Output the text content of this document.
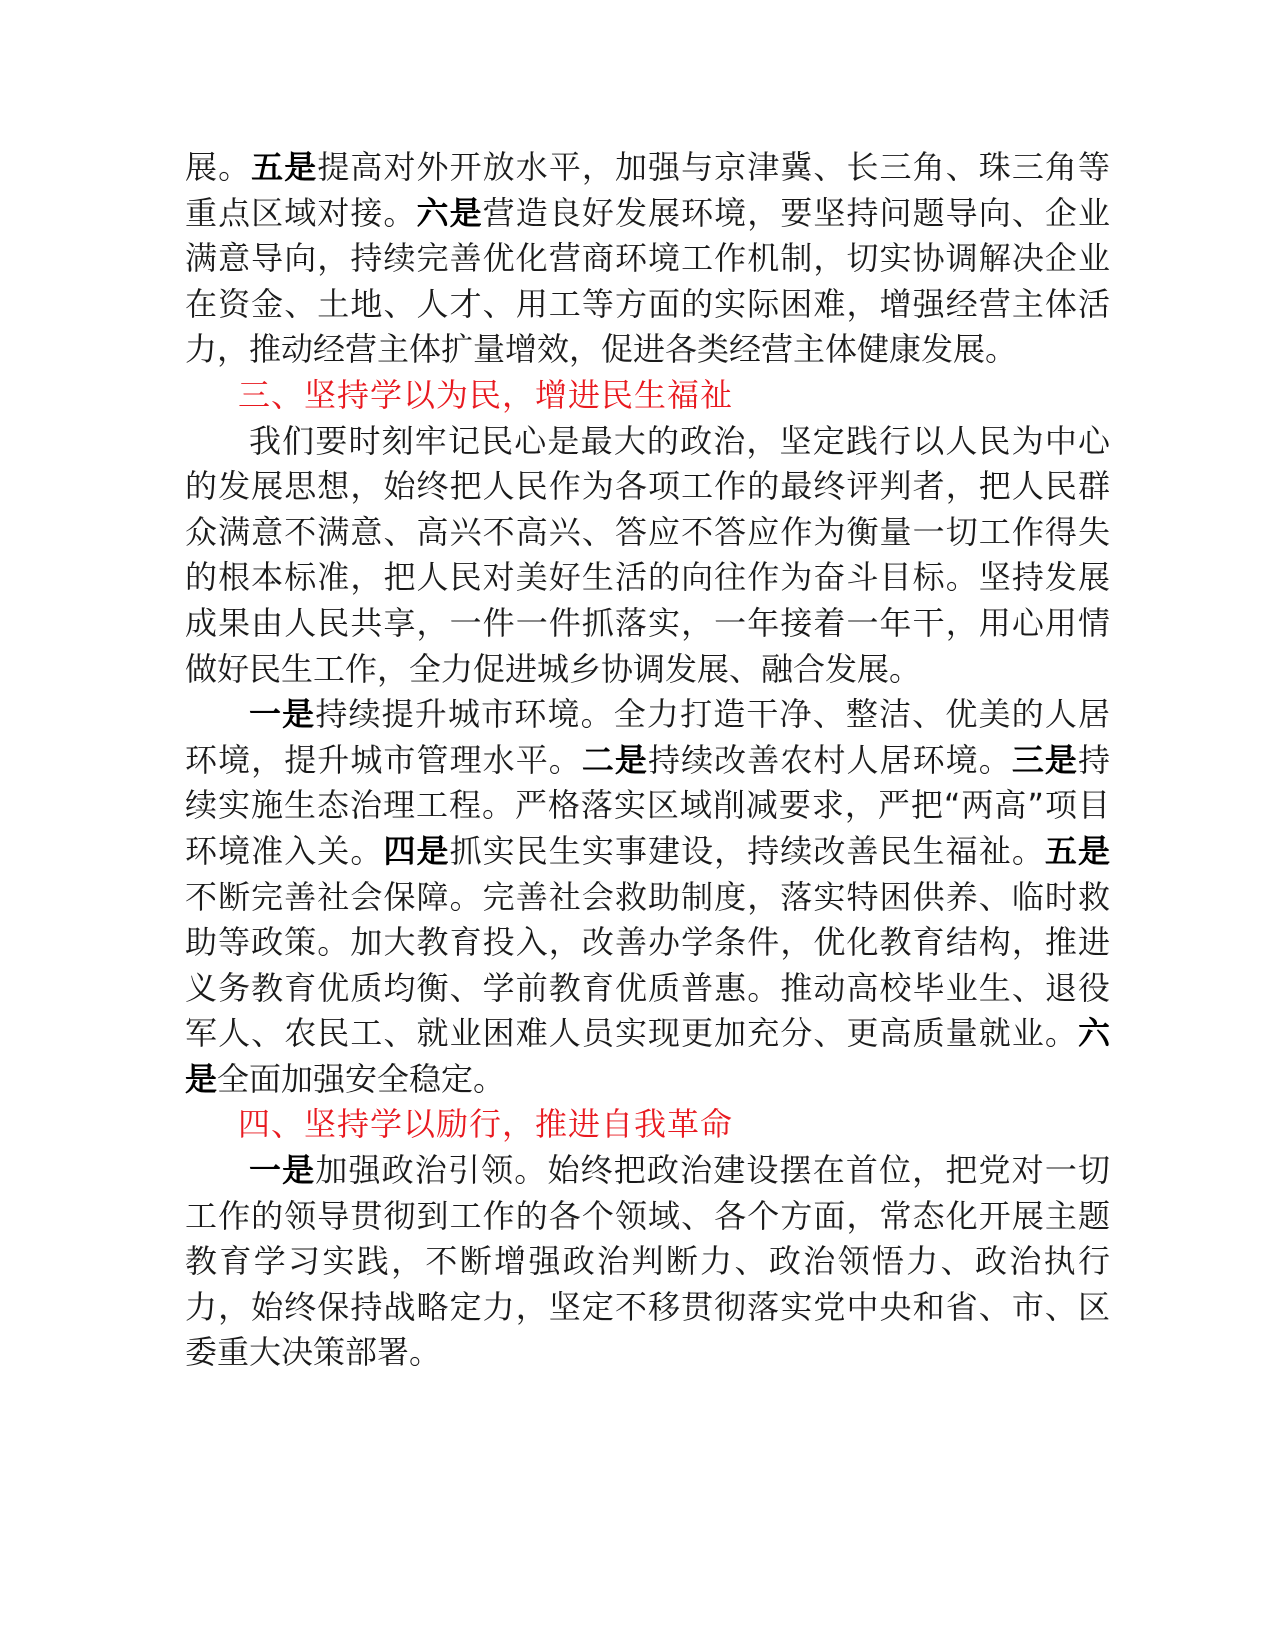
展。五是提高对外开放水平，加强与京津冀、长三角、珠三角等重点区域对接。六是营造良好发展环境，要坚持问题导向、企业满意导向，持续完善优化营商环境工作机制，切实协调解决企业在资金、土地、人才、用工等方面的实际困难，增强经营主体活力，推动经营主体扩量增效，促进各类经营主体健康发展。

三、坚持学以为民，增进民生福祉

我们要时刻牢记民心是最大的政治，坚定践行以人民为中心的发展思想，始终把人民作为各项工作的最终评判者，把人民群众满意不满意、高兴不高兴、答应不答应作为衡量一切工作得失的根本标准，把人民对美好生活的向往作为奋斗目标。坚持发展成果由人民共享，一件一件抓落实，一年接着一年干，用心用情做好民生工作，全力促进城乡协调发展、融合发展。

一是持续提升城市环境。全力打造干净、整洁、优美的人居环境，提升城市管理水平。二是持续改善农村人居环境。三是持续实施生态治理工程。严格落实区域削减要求，严把“两高”项目环境准入关。四是抓实民生实事建设，持续改善民生福祉。五是不断完善社会保障。完善社会救助制度，落实特困供养、临时救助等政策。加大教育投入，改善办学条件，优化教育结构，推进义务教育优质均衡、学前教育优质普惠。推动高校毕业生、退役军人、农民工、就业困难人员实现更加充分、更高质量就业。六是全面加强安全稳定。

四、坚持学以励行，推进自我革命

一是加强政治引领。始终把政治建设摆在首位，把党对一切工作的领导贯彻到工作的各个领域、各个方面，常态化开展主题教育学习实践，不断增强政治判断力、政治领悟力、政治执行力，始终保持战略定力，坚定不移贯彻落实党中央和省、市、区委重大决策部署。
